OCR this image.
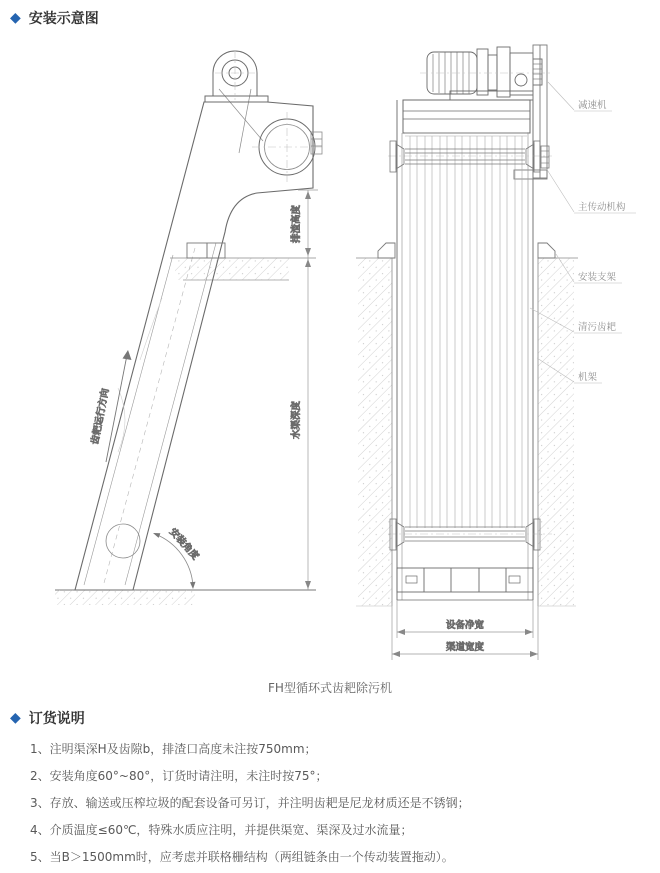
◆ 安装示意图
齿耙运行方向
安装角度
排渣高度
水渠深度
设备净宽
渠道宽度
减速机
主传动机构
安装支架
清污齿耙
机架
FH型循环式齿耙除污机
◆ 订货说明
1、注明渠深H及齿隙b，排渣口高度未注按750mm；
2、安装角度60°~80°，订货时请注明，未注时按75°；
3、存放、输送或压榨垃圾的配套设备可另订，并注明齿耙是尼龙材质还是不锈钢；
4、介质温度≤60℃，特殊水质应注明，并提供渠宽、渠深及过水流量；
5、当B＞1500mm时，应考虑并联格栅结构（两组链条由一个传动装置拖动）。
